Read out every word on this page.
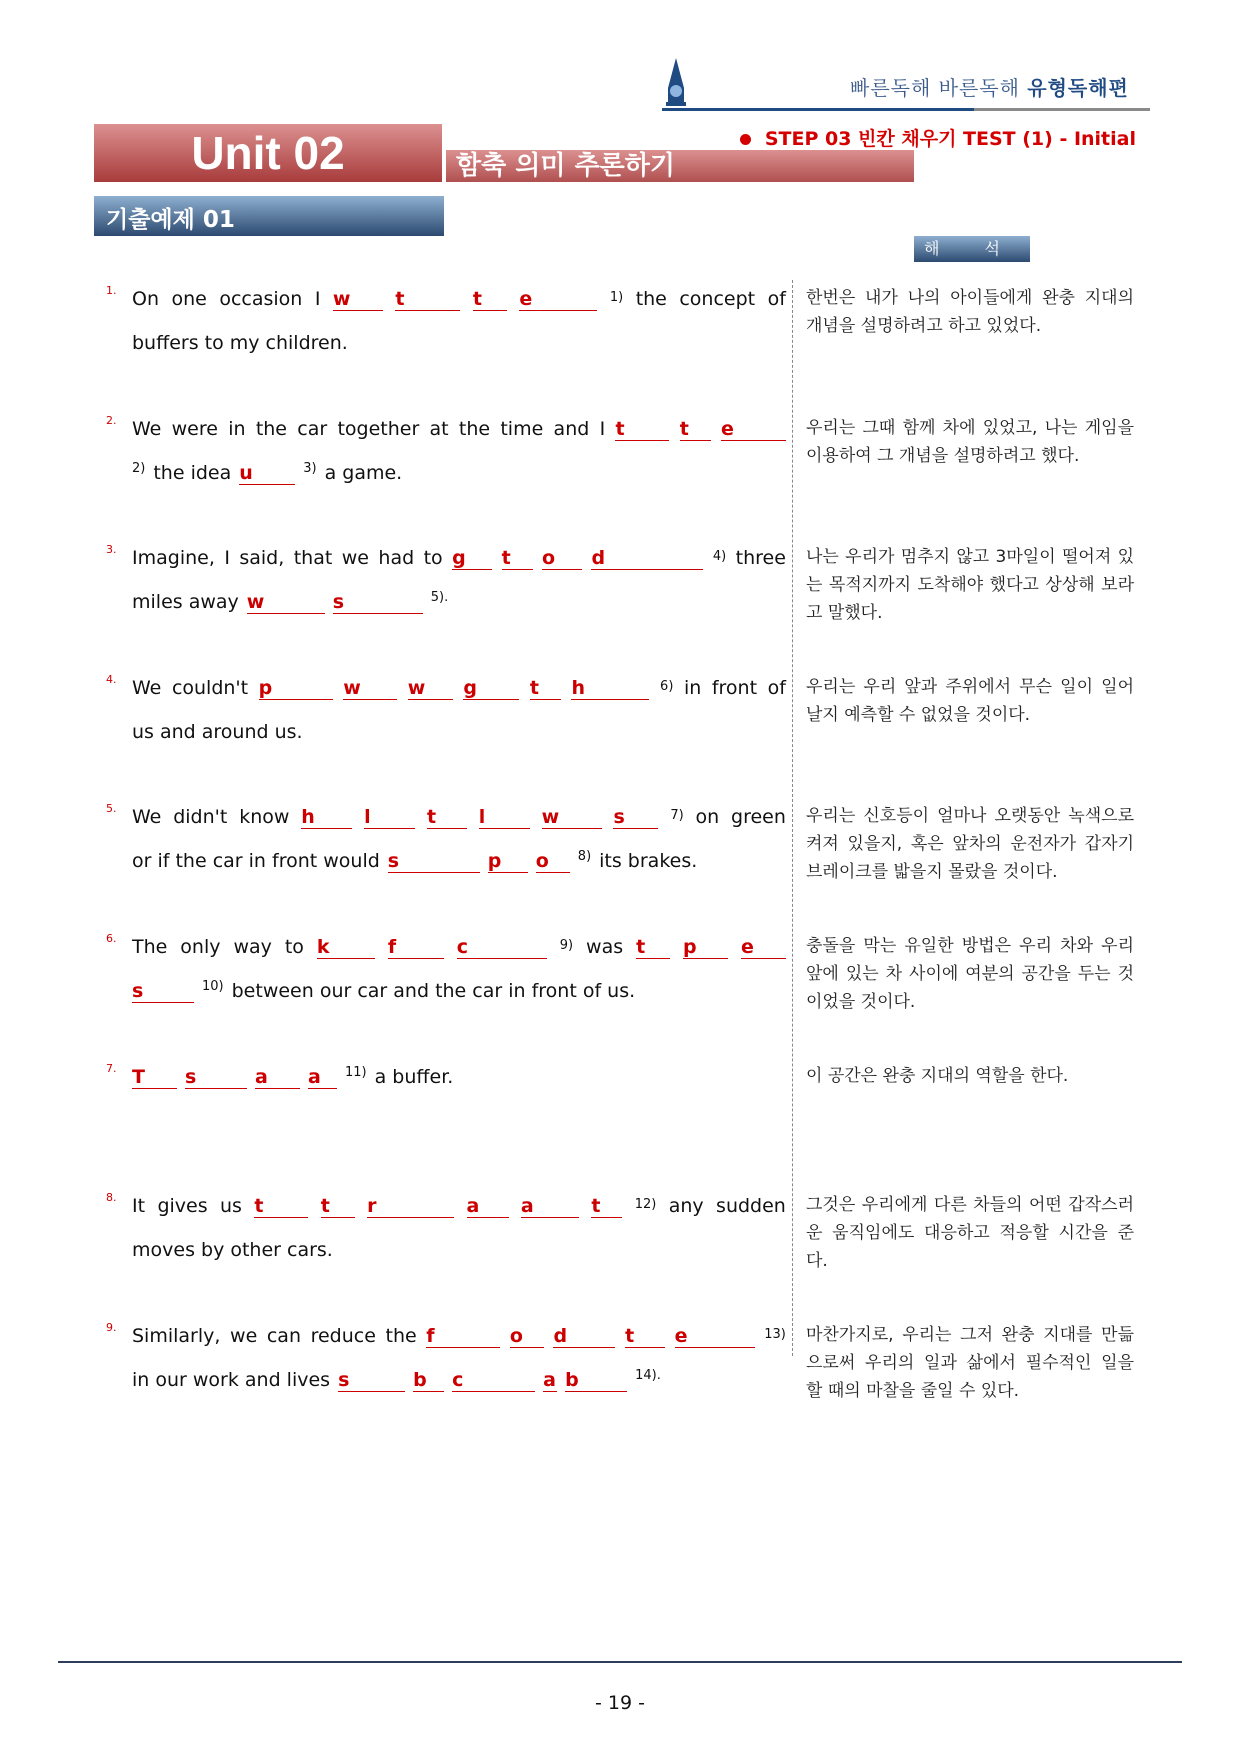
빠른독해 바른독해 유형독해편
Unit 02	함축 의미 추론하기
STEP 03 빈칸 채우기 TEST (1) - Initial
기출예제 01
해 석
1. On one occasion I w	t	t	e	1) the concept of
buffers to my children.
한번은 내가 나의 아이들에게 완충 지대의 개념을 설명하려고 하고 있었다.
2. We were in the car together at the time and I t	t	e
$^{2)}$ the idea u	$^{3)}$ a game.
우리는 그때 함께 차에 있었고, 나는 게임을 이용하여 그 개념을 설명하려고 했다.
3. Imagine, I said, that we had to g	t	o	d	4) three
miles away w	s	$^{5).}$
나는 우리가 멈추지 않고 3마일이 떨어져 있는 목적지까지 도착해야 했다고 상상해 보라고 말했다.
4. We couldn't p	w	w	g	t	h	6) in front of
us and around us.
우리는 우리 앞과 주위에서 무슨 일이 일어날지 예측할 수 없었을 것이다.
5. We didn't know h	l	t	l	w	s	7) on green
or if the car in front would s	p o $^{8)}$ its brakes.
우리는 신호등이 얼마나 오랫동안 녹색으로 켜져 있을지, 혹은 앞차의 운전자가 갑자기 브레이크를 밟을지 몰랐을 것이다.
6. The only way to k	f	c	9) was t	p	e
s	$^{10)}$ between our car and the car in front of us.
충돌을 막는 유일한 방법은 우리 차와 우리 앞에 있는 차 사이에 여분의 공간을 두는 것이었을 것이다.
7. T s	a a $^{11)}$ a buffer.	이 공간은 완충 지대의 역할을 한다.
8. It gives us t	t	r	a	a	t	12) any sudden
moves by other cars.
그것은 우리에게 다른 차들의 어떤 갑작스러운 움직임에도 대응하고 적응할 시간을 준다.
9. Similarly, we can reduce the f	o	d	t	e	13)
in our work and lives s	b c	a b	$^{14).}$
마찬가지로, 우리는 그저 완충 지대를 만듦으로써 우리의 일과 삶에서 필수적인 일을 할 때의 마찰을 줄일 수 있다.
- 19 -
